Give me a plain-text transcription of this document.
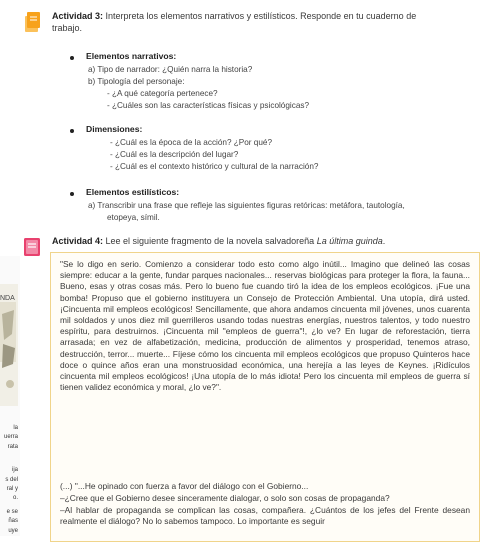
Actividad 3: Interpreta los elementos narrativos y estilísticos. Responde en tu cuaderno de
trabajo.
Elementos narrativos:
a) Tipo de narrador: ¿Quién narra la historia?
b) Tipología del personaje:
- ¿A qué categoría pertenece?
- ¿Cuáles son las características físicas y psicológicas?
Dimensiones:
- ¿Cuál es la época de la acción? ¿Por qué?
- ¿Cuál es la descripción del lugar?
- ¿Cuál es el contexto histórico y cultural de la narración?
Elementos estilísticos:
a) Transcribir una frase que refleje las siguientes figuras retóricas: metáfora, tautología,
etopeya, símil.
Actividad 4: Lee el siguiente fragmento de la novela salvadoreña La última guinda.
NDA
la
uerra
rata
ija
s del
ral y
o.
e se
ñas
uye
"Se lo digo en serio. Comienzo a considerar todo esto como algo inútil... Imagino que delineó las cosas siempre: educar a la gente, fundar parques nacionales... reservas biológicas para proteger la flora, la fauna... Bueno, esas y otras cosas más. Pero lo bueno fue cuando tiró la idea de los empleos ecológicos. ¡Fue una bomba! Propuso que el gobierno instituyera un Consejo de Protección Ambiental. Una utopía, dirá usted. ¡Cincuenta mil empleos ecológicos! Sencillamente, que ahora andamos cincuenta mil jóvenes, unos cuarenta mil soldados y unos diez mil guerrilleros usando todas nuestras energías, nuestros talentos, y todo nuestro espíritu, para destruirnos. ¡Cincuenta mil "empleos de guerra"!, ¿lo ve? En lugar de reforestación, tierra arrasada; en vez de alfabetización, medicina, producción de alimentos y prosperidad, tenemos atraso, destrucción, terror... muerte... Fíjese cómo los cincuenta mil empleos ecológicos que propuso Quinteros hace doce o quince años eran una monstruosidad económica, una herejía a las leyes de Keynes. ¡Ridículos cincuenta mil empleos ecológicos! ¡Una utopía de lo más idiota! Pero los cincuenta mil empleos de guerra sí tienen validez económica y moral, ¿lo ve?".
(...) "...He opinado con fuerza a favor del diálogo con el Gobierno...
–¿Cree que el Gobierno desee sinceramente dialogar, o solo son cosas de propaganda?
–Al hablar de propaganda se complican las cosas, compañera. ¿Cuántos de los jefes del Frente desean realmente el diálogo? No lo sabemos tampoco. Lo importante es seguir
